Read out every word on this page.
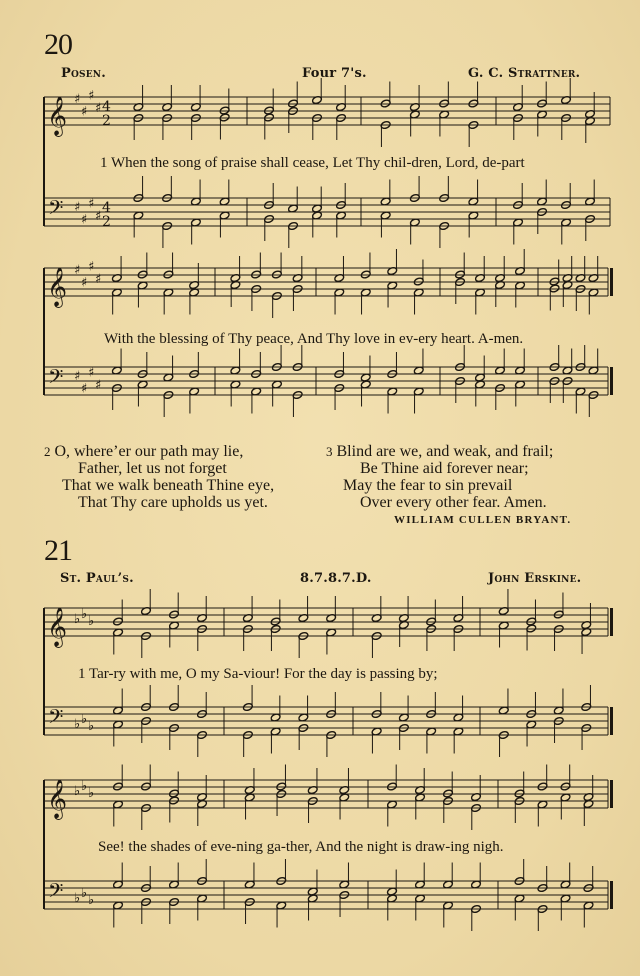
20
Posen.	Four 7's.	G. C. Strattner.
1 When the song of praise shall cease, Let Thy chil-dren, Lord, de-part
With the blessing of Thy peace, And Thy love in ev-ery heart. A-men.
2 O, where’er our path may lie,
Father, let us not forget
That we walk beneath Thine eye,
That Thy care upholds us yet.
3 Blind are we, and weak, and frail;
Be Thine aid forever near;
May the fear to sin prevail
Over every other fear. Amen.
WILLIAM CULLEN BRYANT.
21
St. Paul’s.	8.7.8.7.D.	John Erskine.
1 Tar-ry with me, O my Sa-viour! For the day is passing by;
See! the shades of eve-ning ga-ther, And the night is draw-ing nigh.
𝄞
𝄢
♯
♯
♯
♯
♯
♯
♯
♯
4
2
4
2
𝄞
𝄢
♯
♯
♯
♯
♯
♯
♯
♯
𝄞
𝄢
♭
♭
♭
♭
♭
♭
𝄞
𝄢
♭
♭
♭
♭
♭
♭
